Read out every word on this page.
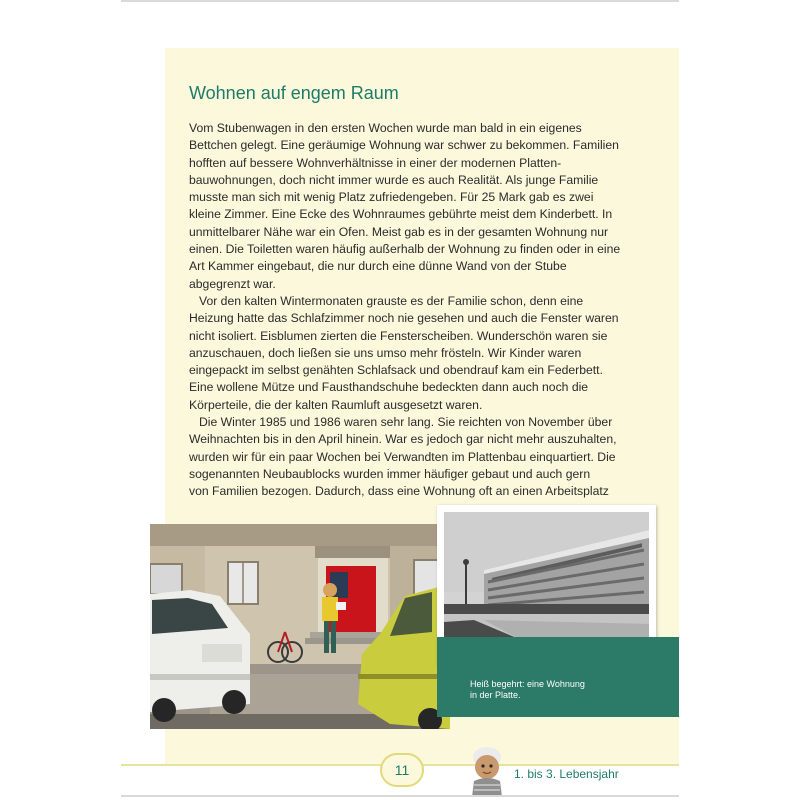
Wohnen auf engem Raum

Vom Stubenwagen in den ersten Wochen wurde man bald in ein eigenes Bettchen gelegt. Eine geräumige Wohnung war schwer zu bekommen. Familien hofften auf bessere Wohnverhältnisse in einer der modernen Platten-bauwohnungen, doch nicht immer wurde es auch Realität. Als junge Familie musste man sich mit wenig Platz zufriedengeben. Für 25 Mark gab es zwei kleine Zimmer. Eine Ecke des Wohnraumes gebührte meist dem Kinderbett. In unmittelbarer Nähe war ein Ofen. Meist gab es in der gesamten Wohnung nur einen. Die Toiletten waren häufig außerhalb der Wohnung zu finden oder in eine Art Kammer eingebaut, die nur durch eine dünne Wand von der Stube abgegrenzt war.

Vor den kalten Wintermonaten grauste es der Familie schon, denn eine Heizung hatte das Schlafzimmer noch nie gesehen und auch die Fenster waren nicht isoliert. Eisblumen zierten die Fensterscheiben. Wunderschön waren sie anzuschauen, doch ließen sie uns umso mehr frösteln. Wir Kinder waren eingepackt im selbst genähten Schlafsack und obendrauf kam ein Federbett. Eine wollene Mütze und Fausthandschuhe bedeckten dann auch noch die Körperteile, die der kalten Raumluft ausgesetzt waren.

Die Winter 1985 und 1986 waren sehr lang. Sie reichten von November über Weihnachten bis in den April hinein. War es jedoch gar nicht mehr auszuhalten, wurden wir für ein paar Wochen bei Verwandten im Plattenbau einquartiert. Die sogenannten Neubaublocks wurden immer häufiger gebaut und auch gern

von Familien bezogen. Dadurch, dass eine Wohnung oft an einen Arbeitsplatz

Heiß begehrt: eine Wohnung
in der Platte.
11	1. bis 3. Lebensjahr
